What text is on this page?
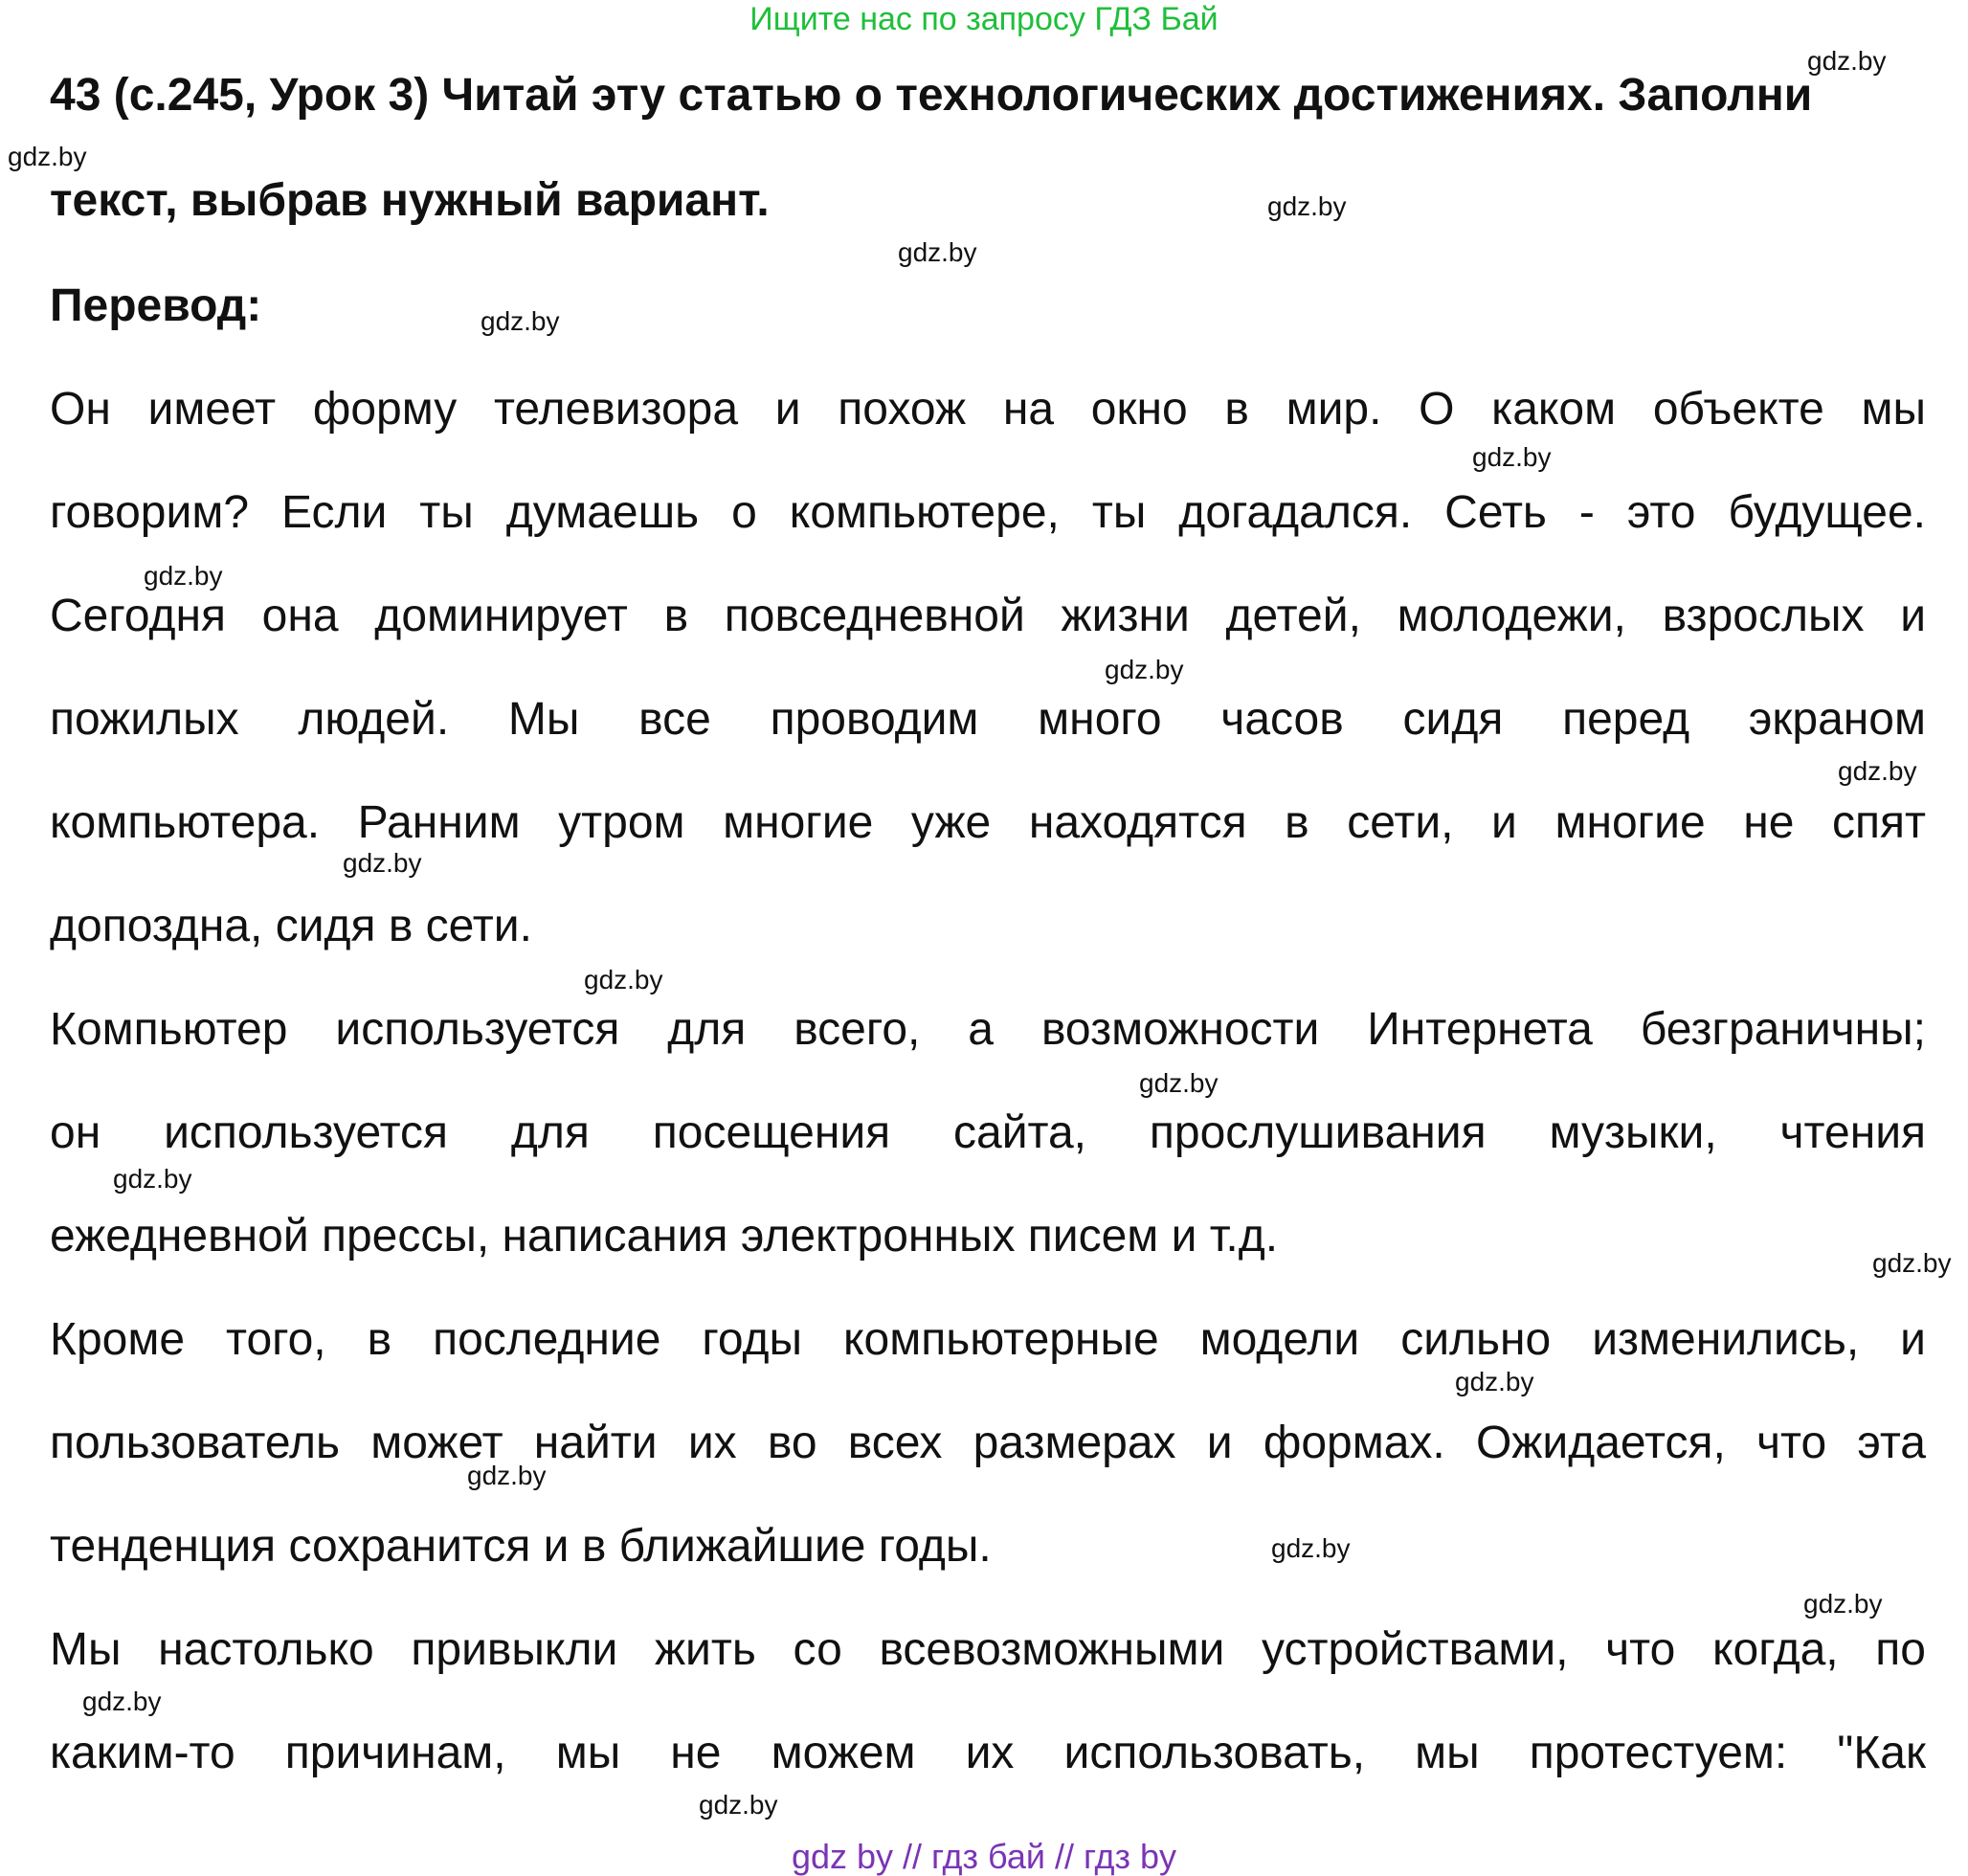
Ищите нас по запросу ГДЗ Бай
43 (с.245, Урок 3) Читай эту статью о технологических достижениях. Заполни
текст, выбрав нужный вариант.
Перевод:
Он имеет форму телевизора и похож на окно в мир. О каком объекте мы
говорим? Если ты думаешь о компьютере, ты догадался. Сеть - это будущее.
Сегодня она доминирует в повседневной жизни детей, молодежи, взрослых и
пожилых людей. Мы все проводим много часов сидя перед экраном
компьютера. Ранним утром многие уже находятся в сети, и многие не спят
допоздна, сидя в сети.
Компьютер используется для всего, а возможности Интернета безграничны;
он используется для посещения сайта, прослушивания музыки, чтения
ежедневной прессы, написания электронных писем и т.д.
Кроме того, в последние годы компьютерные модели сильно изменились, и
пользователь может найти их во всех размерах и формах. Ожидается, что эта
тенденция сохранится и в ближайшие годы.
Мы настолько привыкли жить со всевозможными устройствами, что когда, по
каким-то причинам, мы не можем их использовать, мы протестуем: "Как
gdz.by
gdz.by
gdz.by
gdz.by
gdz.by
gdz.by
gdz.by
gdz.by
gdz.by
gdz.by
gdz.by
gdz.by
gdz.by
gdz.by
gdz.by
gdz.by
gdz.by
gdz.by
gdz.by
gdz.by
gdz by // гдз бай // гдз by
